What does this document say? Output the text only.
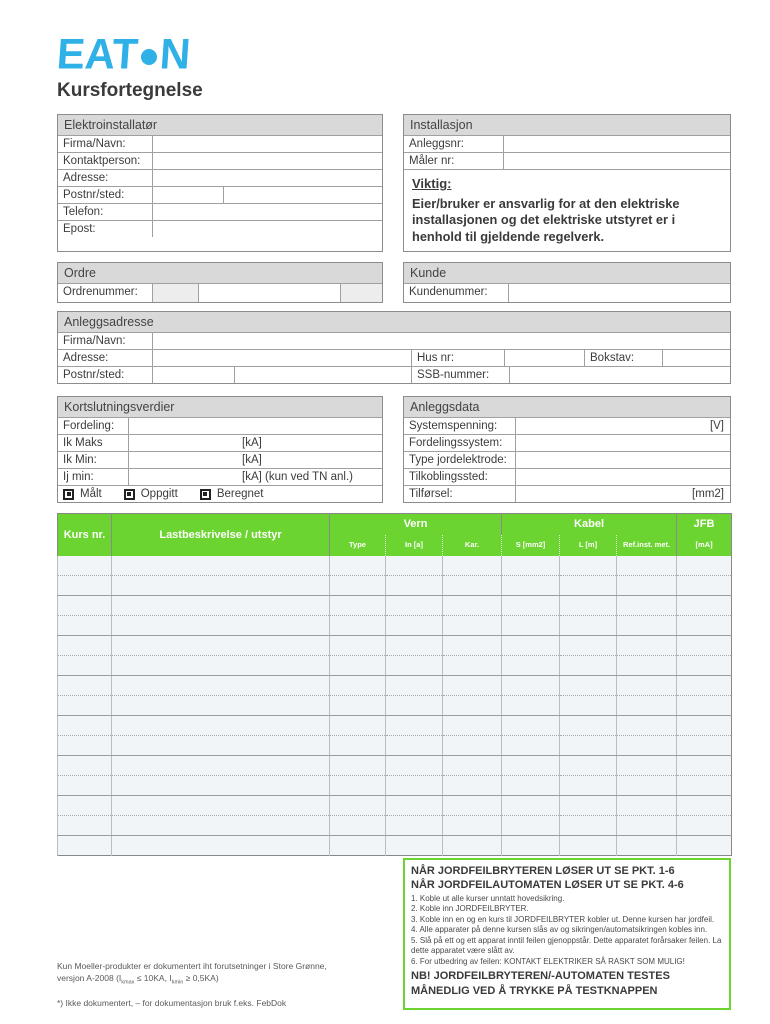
EAT N
Kursfortegnelse
Elektroinstallatør
Firma/Navn:
Kontaktperson:
Adresse:
Postnr/sted:
Telefon:
Epost:
Installasjon
Anleggsnr:
Måler nr:
Viktig:
Eier/bruker er ansvarlig for at den elektriske installasjonen og det elektriske utstyret er i henhold til gjeldende regelverk.
Ordre
Ordrenummer:
Kunde
Kundenummer:
Anleggsadresse
Firma/Navn:
Adresse:	Hus nr:	Bokstav:
Postnr/sted:	SSB-nummer:
Kortslutningsverdier
Fordeling:
Ik Maks	[kA]
Ik Min:	[kA]
Ij min:	[kA] (kun ved TN anl.)
Målt	Oppgitt	Beregnet
Anleggsdata
Systemspenning:	[V]
Fordelingssystem:
Type jordelektrode:
Tilkoblingssted:
Tilførsel:	[mm2]
Kurs nr.	Lastbeskrivelse / utstyr	Vern			Kabel			JFB
		Type	In [a]	Kar.	S [mm2]	L [m]	Ref.inst. met.	[mA]

Kun Moeller-produkter er dokumentert iht forutsetninger i Store Grønne,
versjon A-2008 ($I_{kmax} \le 10KA$, $I_{kmin} \ge 0,5KA$)
*) Ikke dokumentert, – for dokumentasjon bruk f.eks. FebDok
NÅR JORDFEILBRYTEREN LØSER UT SE PKT. 1-6
NÅR JORDFEILAUTOMATEN LØSER UT SE PKT. 4-6
1. Koble ut alle kurser unntatt hovedsikring.
2. Koble inn JORDFEILBRYTER.
3. Koble inn en og en kurs til JORDFEILBRYTER kobler ut. Denne kursen har jordfeil.
4. Alle apparater på denne kursen slås av og sikringen/automatsikringen kobles inn.
5. Slå på ett og ett apparat inntil feilen gjenoppstår. Dette apparatet forårsaker feilen. La dette apparatet være slått av.
6. For utbedring av feilen: KONTAKT ELEKTRIKER SÅ RASKT SOM MULIG!
NB! JORDFEILBRYTEREN/-AUTOMATEN TESTES
MÅNEDLIG VED Å TRYKKE PÅ TESTKNAPPEN
